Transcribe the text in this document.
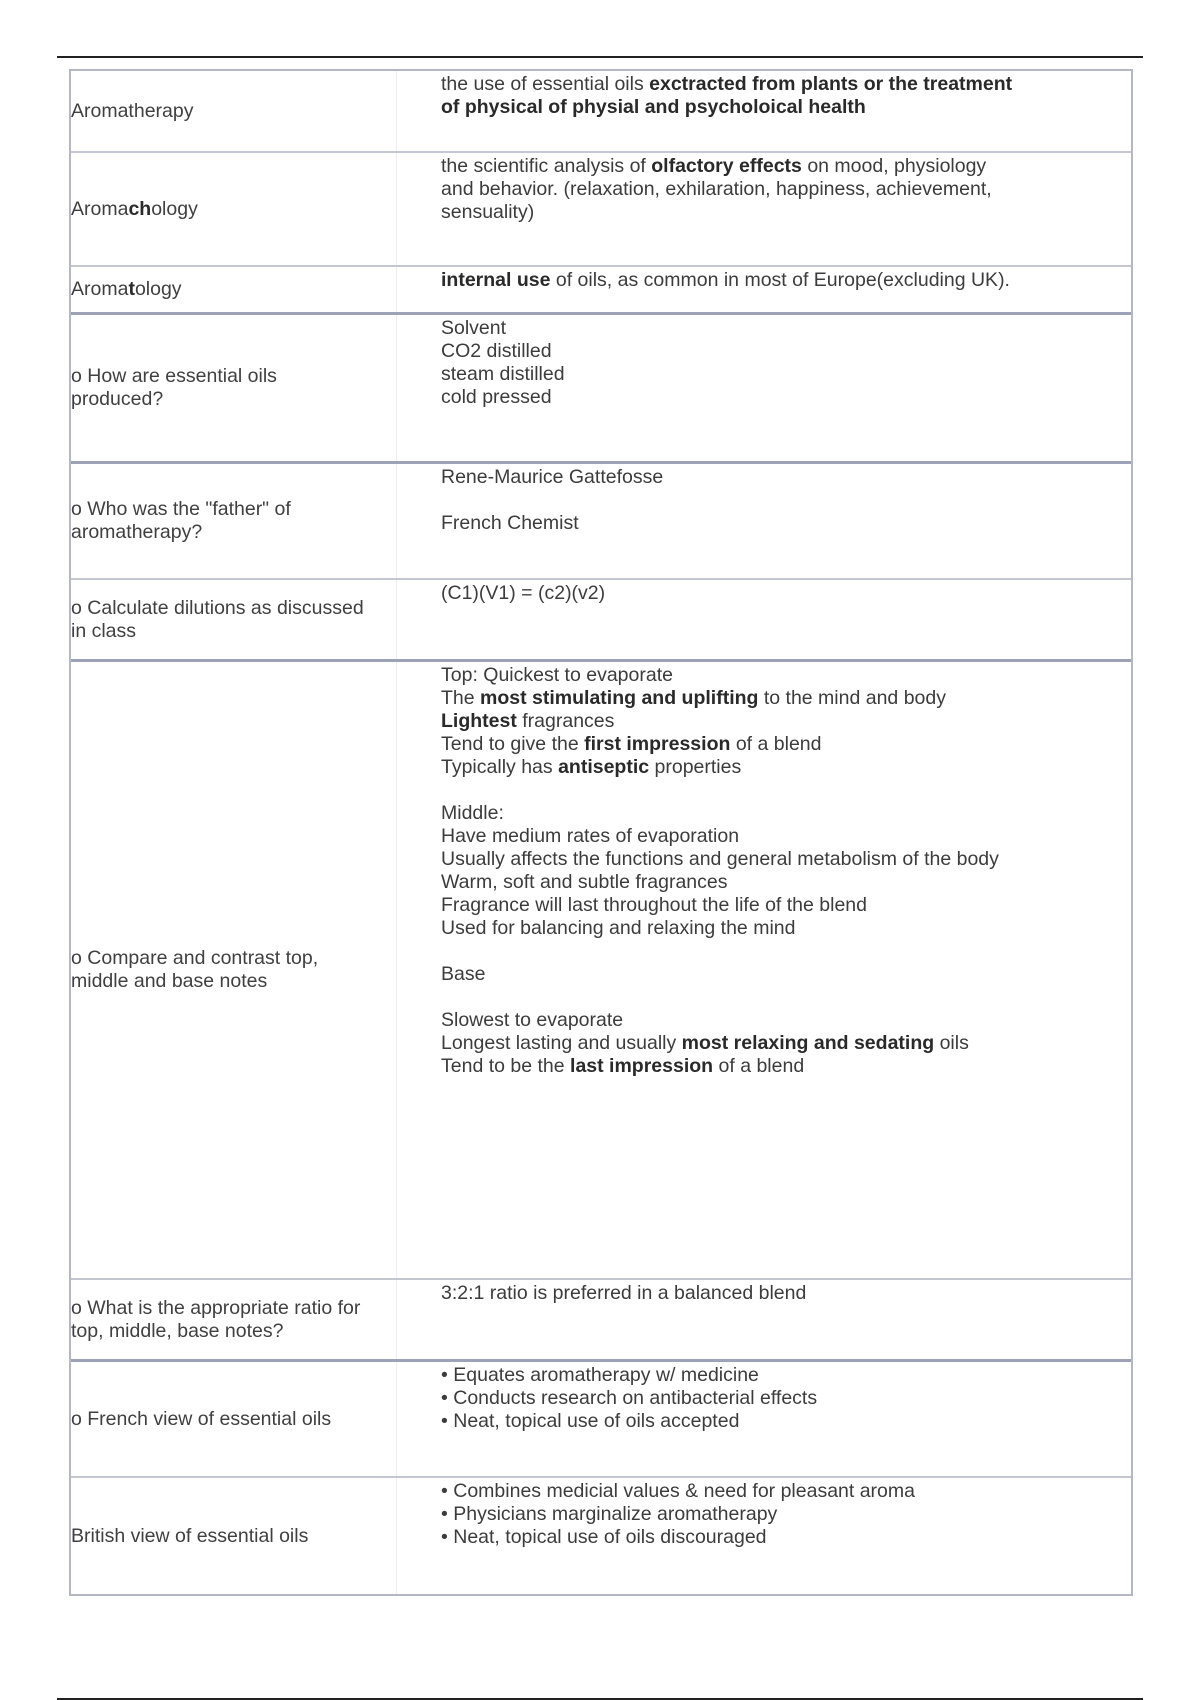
Aromatherapy
the use of essential oils exctracted from plants or the treatment
of physical of physial and psycholoical health
Aromachology
the scientific analysis of olfactory effects on mood, physiology
and behavior. (relaxation, exhilaration, happiness, achievement,
sensuality)
Aromatology	internal use of oils, as common in most of Europe(excluding UK).
o How are essential oils produced?
Solvent
CO2 distilled
steam distilled
cold pressed
o Who was the "father" of aromatherapy?
Rene-Maurice Gattefosse
French Chemist
o Calculate dilutions as discussed in class
(C1)(V1) = (c2)(v2)
o Compare and contrast top, middle and base notes
Top: Quickest to evaporate
The most stimulating and uplifting to the mind and body
Lightest fragrances
Tend to give the first impression of a blend
Typically has antiseptic properties
Middle:
Have medium rates of evaporation
Usually affects the functions and general metabolism of the body
Warm, soft and subtle fragrances
Fragrance will last throughout the life of the blend
Used for balancing and relaxing the mind
Base
Slowest to evaporate
Longest lasting and usually most relaxing and sedating oils
Tend to be the last impression of a blend
o What is the appropriate ratio for top, middle, base notes?
3:2:1 ratio is preferred in a balanced blend
o French view of essential oils
• Equates aromatherapy w/ medicine
• Conducts research on antibacterial effects
• Neat, topical use of oils accepted
British view of essential oils
• Combines medicial values & need for pleasant aroma
• Physicians marginalize aromatherapy
• Neat, topical use of oils discouraged
